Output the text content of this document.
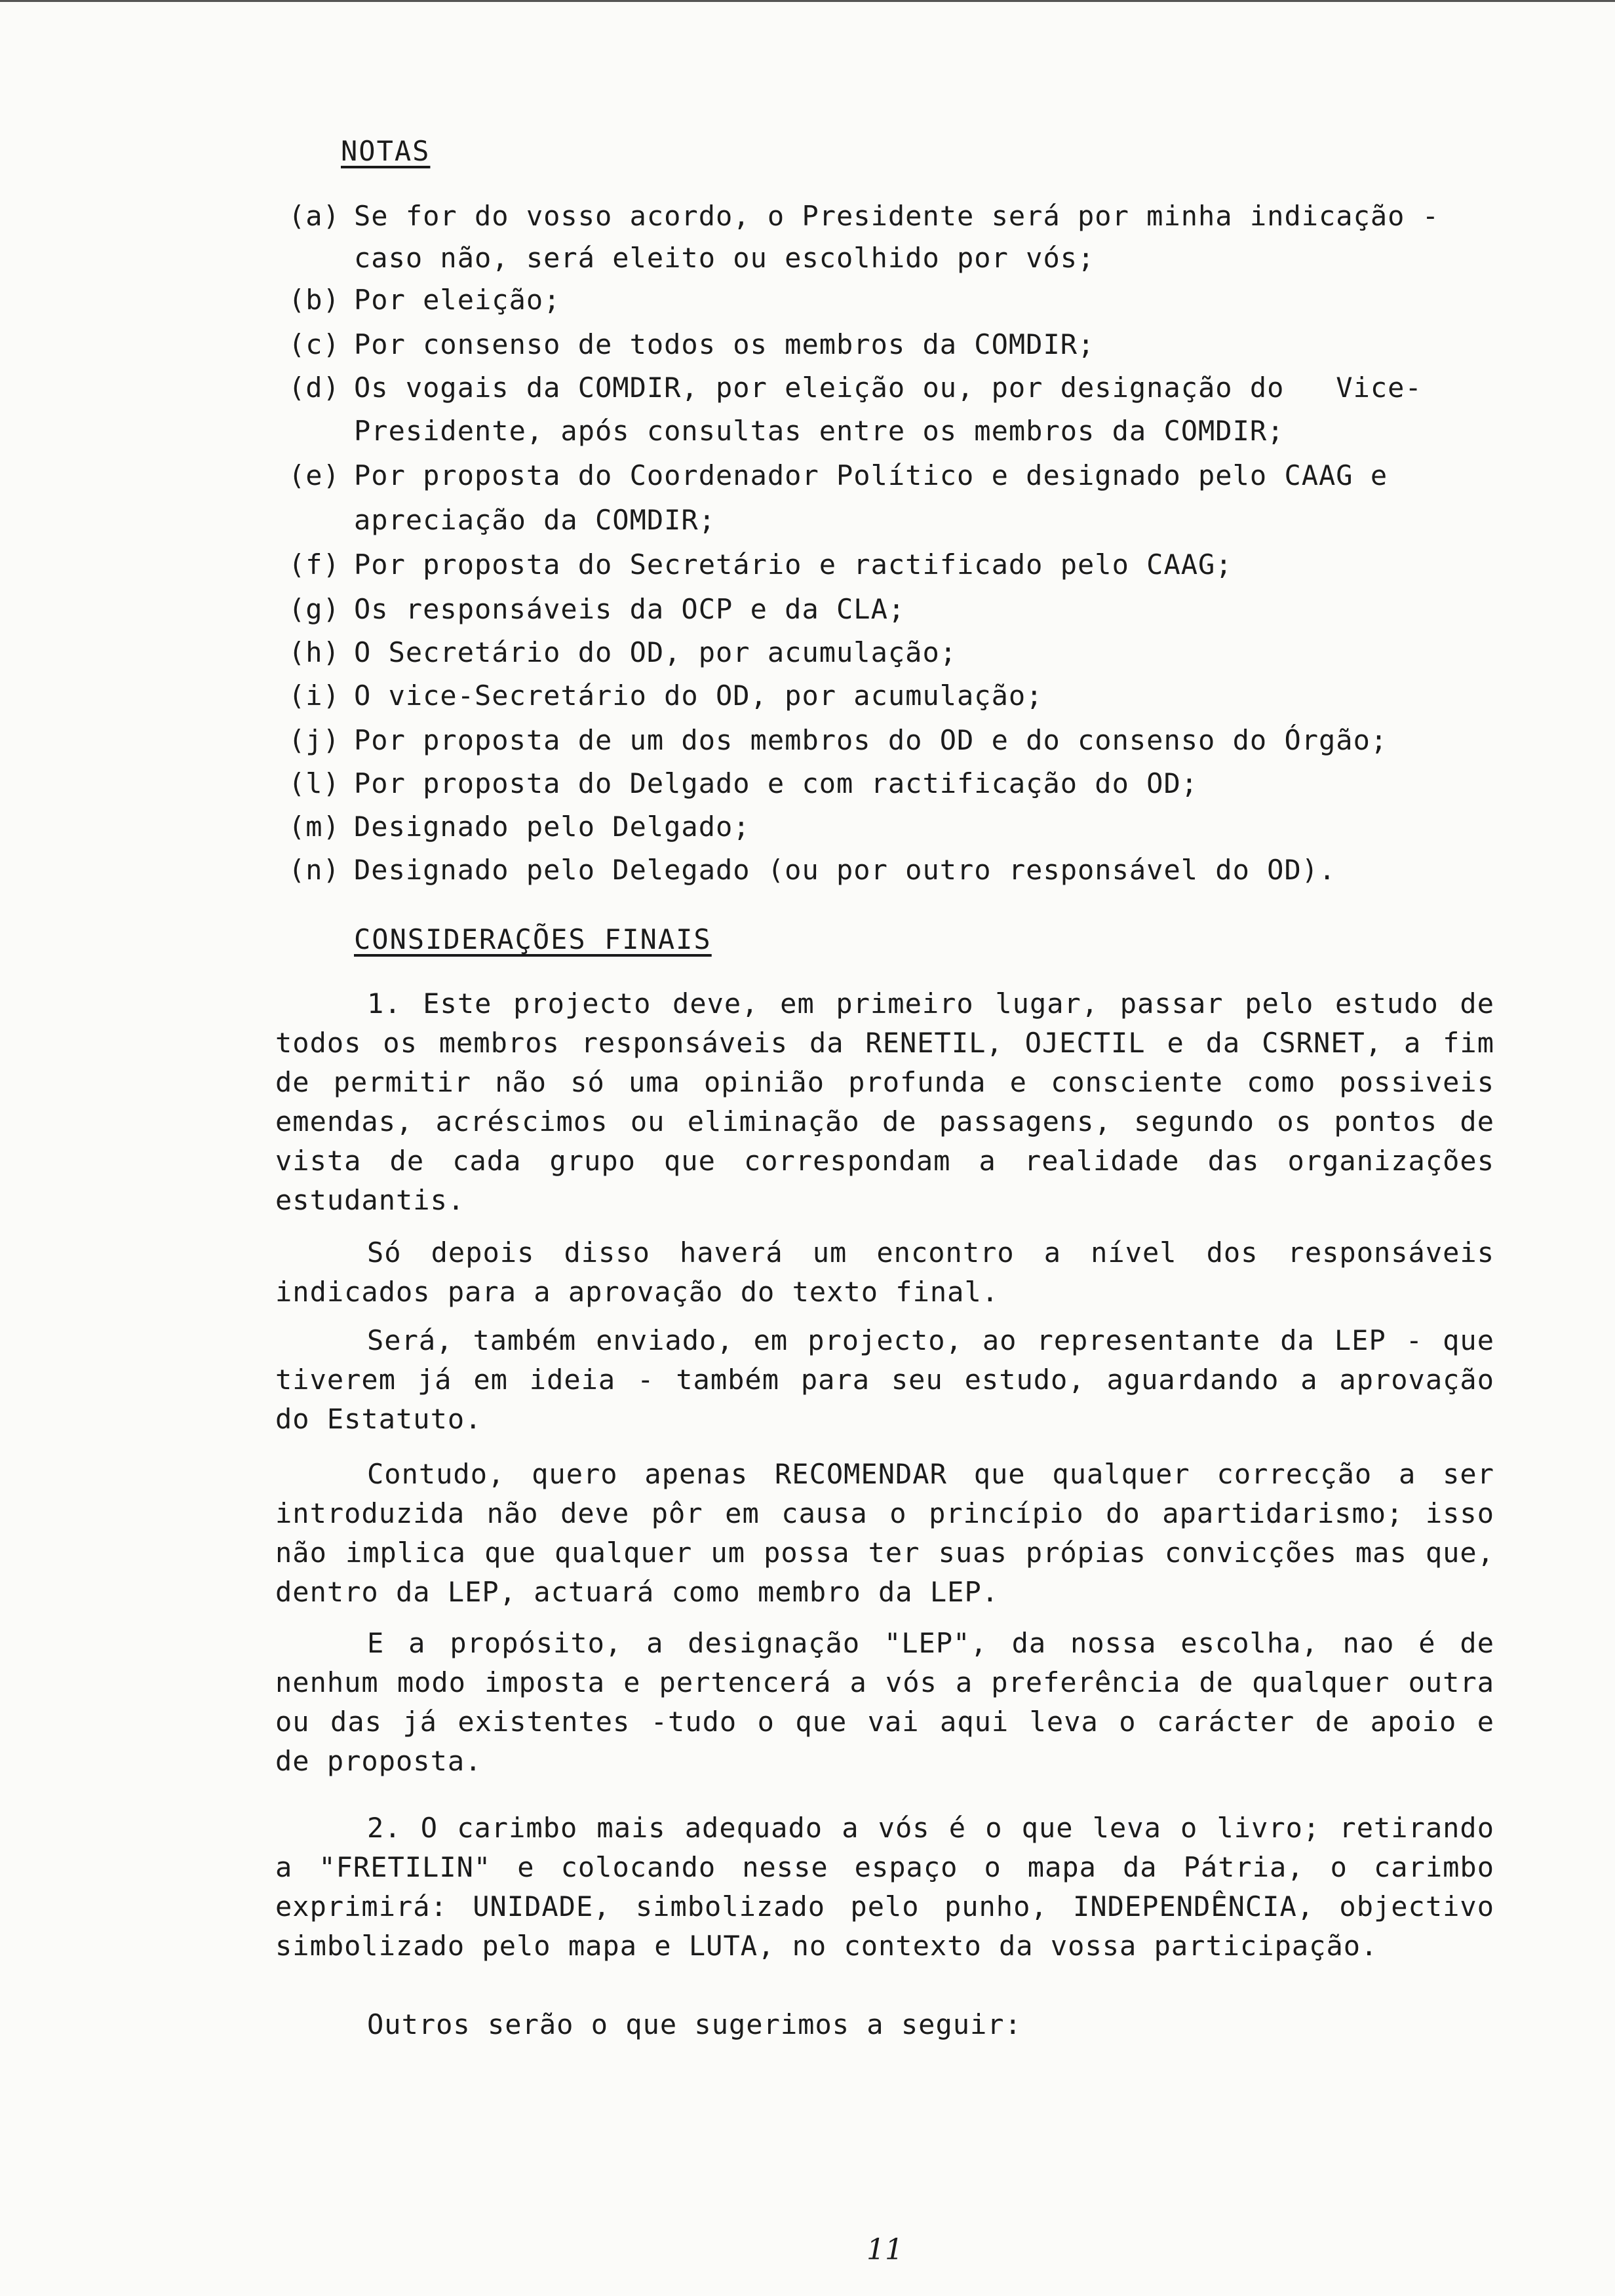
NOTAS
(a) Se for do vosso acordo, o Presidente será por minha indicação -
caso não, será eleito ou escolhido por vós;
(b) Por eleição;
(c) Por consenso de todos os membros da COMDIR;
(d) Os vogais da COMDIR, por eleição ou, por designação do   Vice-
Presidente, após consultas entre os membros da COMDIR;
(e) Por proposta do Coordenador Político e designado pelo CAAG e
apreciação da COMDIR;
(f) Por proposta do Secretário e ractificado pelo CAAG;
(g) Os responsáveis da OCP e da CLA;
(h) O Secretário do OD, por acumulação;
(i) O vice-Secretário do OD, por acumulação;
(j) Por proposta de um dos membros do OD e do consenso do Órgão;
(l) Por proposta do Delgado e com ractificação do OD;
(m) Designado pelo Delgado;
(n) Designado pelo Delegado (ou por outro responsável do OD).
CONSIDERAÇÕES FINAIS
1. Este projecto deve, em primeiro lugar, passar pelo estudo de todos os membros responsáveis da RENETIL, OJECTIL e da CSRNET, a fim de permitir não só uma opinião profunda e consciente como possiveis emendas, acréscimos ou eliminação de passagens, segundo os pontos de vista de cada grupo que correspondam a realidade das organizações estudantis.
Só depois disso haverá um encontro a nível dos responsáveis indicados para a aprovação do texto final.
Será, também enviado, em projecto, ao representante da LEP - que tiverem já em ideia - também para seu estudo, aguardando a aprovação do Estatuto.
Contudo, quero apenas RECOMENDAR que qualquer correcção a ser introduzida não deve pôr em causa o princípio do apartidarismo; isso não implica que qualquer um possa ter suas própias convicções mas que, dentro da LEP, actuará como membro da LEP.
E a propósito, a designação "LEP", da nossa escolha, nao é de nenhum modo imposta e pertencerá a vós a preferência de qualquer outra ou das já existentes -tudo o que vai aqui leva o carácter de apoio e de proposta.
2. O carimbo mais adequado a vós é o que leva o livro; retirando a "FRETILIN" e colocando nesse espaço o mapa da Pátria, o carimbo exprimirá: UNIDADE, simbolizado pelo punho, INDEPENDÊNCIA, objectivo simbolizado pelo mapa e LUTA, no contexto da vossa participação.
Outros serão o que sugerimos a seguir:
11
